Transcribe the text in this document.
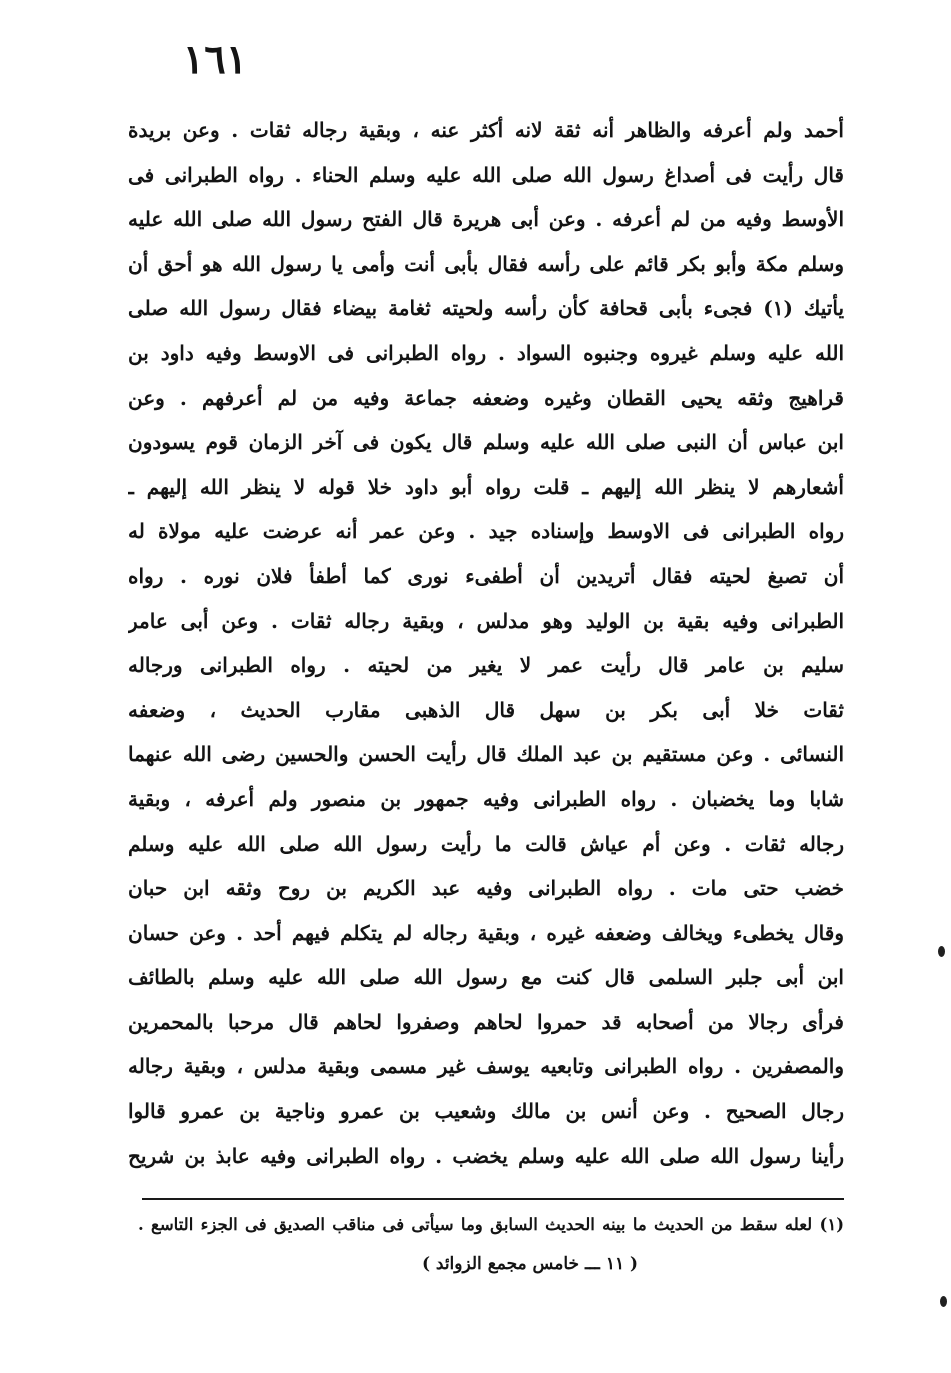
١٦١
أحمد ولم أعرفه والظاهر أنه ثقة لانه أكثر عنه ، وبقية رجاله ثقات . وعن بريدة
قال رأيت فى أصداغ رسول الله صلى الله عليه وسلم الحناء . رواه الطبرانى فى
الأوسط وفيه من لم أعرفه . وعن أبى هريرة قال الفتح رسول الله صلى الله عليه
وسلم مكة وأبو بكر قائم على رأسه فقال بأبى أنت وأمى يا رسول الله هو أحق أن
يأتيك (١) فجىء بأبى قحافة كأن رأسه ولحيته ثغامة بيضاء فقال رسول الله صلى
الله عليه وسلم غيروه وجنبوه السواد . رواه الطبرانى فى الاوسط وفيه داود بن
قراهيج وثقه يحيى القطان وغيره وضعفه جماعة وفيه من لم أعرفهم . وعن
ابن عباس أن النبى صلى الله عليه وسلم قال يكون فى آخر الزمان قوم يسودون
أشعارهم لا ينظر الله إليهم ـ قلت رواه أبو داود خلا قوله لا ينظر الله إليهم ـ
رواه الطبرانى فى الاوسط وإسناده جيد . وعن عمر أنه عرضت عليه مولاة له
أن تصبغ لحيته فقال أتريدين أن أطفىء نورى كما أطفأ فلان نوره . رواه
الطبرانى وفيه بقية بن الوليد وهو مدلس ، وبقية رجاله ثقات . وعن أبى عامر
سليم بن عامر قال رأيت عمر لا يغير من لحيته . رواه الطبرانى ورجاله
ثقات خلا أبى بكر بن سهل قال الذهبى مقارب الحديث ، وضعفه
النسائى . وعن مستقيم بن عبد الملك قال رأيت الحسن والحسين رضى الله عنهما
شابا وما يخضبان . رواه الطبرانى وفيه جمهور بن منصور ولم أعرفه ، وبقية
رجاله ثقات . وعن أم عياش قالت ما رأيت رسول الله صلى الله عليه وسلم
خضب حتى مات . رواه الطبرانى وفيه عبد الكريم بن روح وثقه ابن حبان
وقال يخطىء ويخالف وضعفه غيره ، وبقية رجاله لم يتكلم فيهم أحد . وعن حسان
ابن أبى جلبر السلمى قال كنت مع رسول الله صلى الله عليه وسلم بالطائف
فرأى رجالا من أصحابه قد حمروا لحاهم وصفروا لحاهم قال مرحبا بالمحمرين
والمصفرين . رواه الطبرانى وتابعيه يوسف غير مسمى وبقية مدلس ، وبقية رجاله
رجال الصحيح . وعن أنس بن مالك وشعيب بن عمرو وناجية بن عمرو قالوا
رأينا رسول الله صلى الله عليه وسلم يخضب . رواه الطبرانى وفيه عابذ بن شريح
(١) لعله سقط من الحديث ما بينه الحديث السابق وما سيأتى فى مناقب الصديق فى الجزء التاسع .
( ١١ ـــ خامس مجمع الزوائد )
